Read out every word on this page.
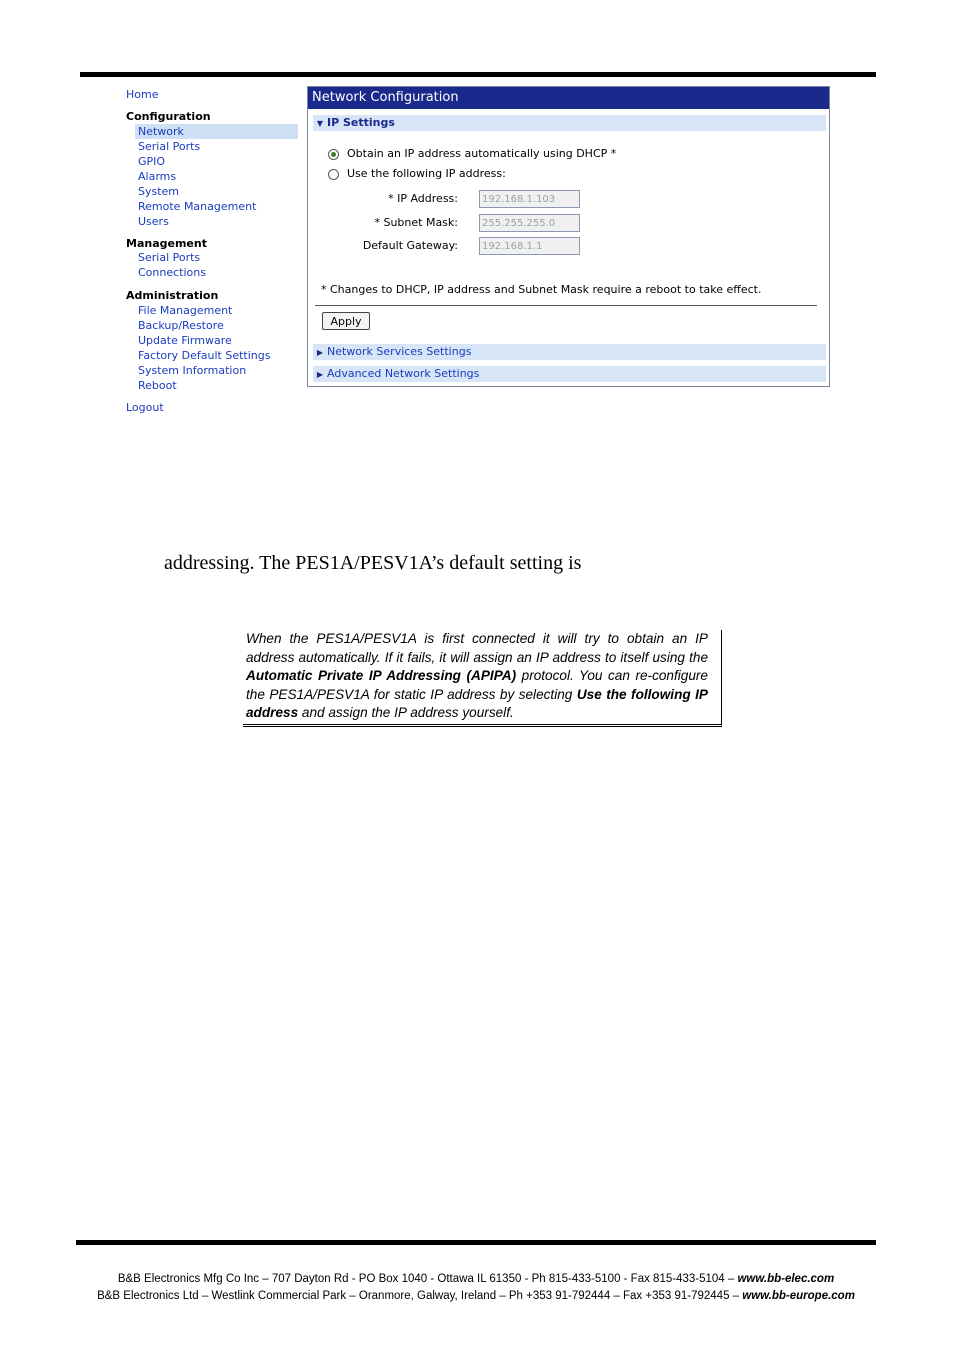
Home
Configuration
Network
Serial Ports
GPIO
Alarms
System
Remote Management
Users
Management
Serial Ports
Connections
Administration
File Management
Backup/Restore
Update Firmware
Factory Default Settings
System Information
Reboot
Logout
Network Configuration
▼ IP Settings
Obtain an IP address automatically using DHCP *
Use the following IP address:
* IP Address:	192.168.1.103
* Subnet Mask:	255.255.255.0
Default Gateway:	192.168.1.1
* Changes to DHCP, IP address and Subnet Mask require a reboot to take effect.
Apply
▶ Network Services Settings
▶ Advanced Network Settings
addressing. The PES1A/PESV1A’s default setting is

When the PES1A/PESV1A is first connected it will try to obtain an IP address automatically. If it fails, it will assign an IP address to itself using the Automatic Private IP Addressing (APIPA) protocol. You can re-configure the PES1A/PESV1A for static IP address by selecting Use the following IP address and assign the IP address yourself.

B&B Electronics Mfg Co Inc – 707 Dayton Rd - PO Box 1040 - Ottawa IL 61350 - Ph 815-433-5100 - Fax 815-433-5104 – www.bb-elec.com
B&B Electronics Ltd – Westlink Commercial Park – Oranmore, Galway, Ireland – Ph +353 91-792444 – Fax +353 91-792445 – www.bb-europe.com
